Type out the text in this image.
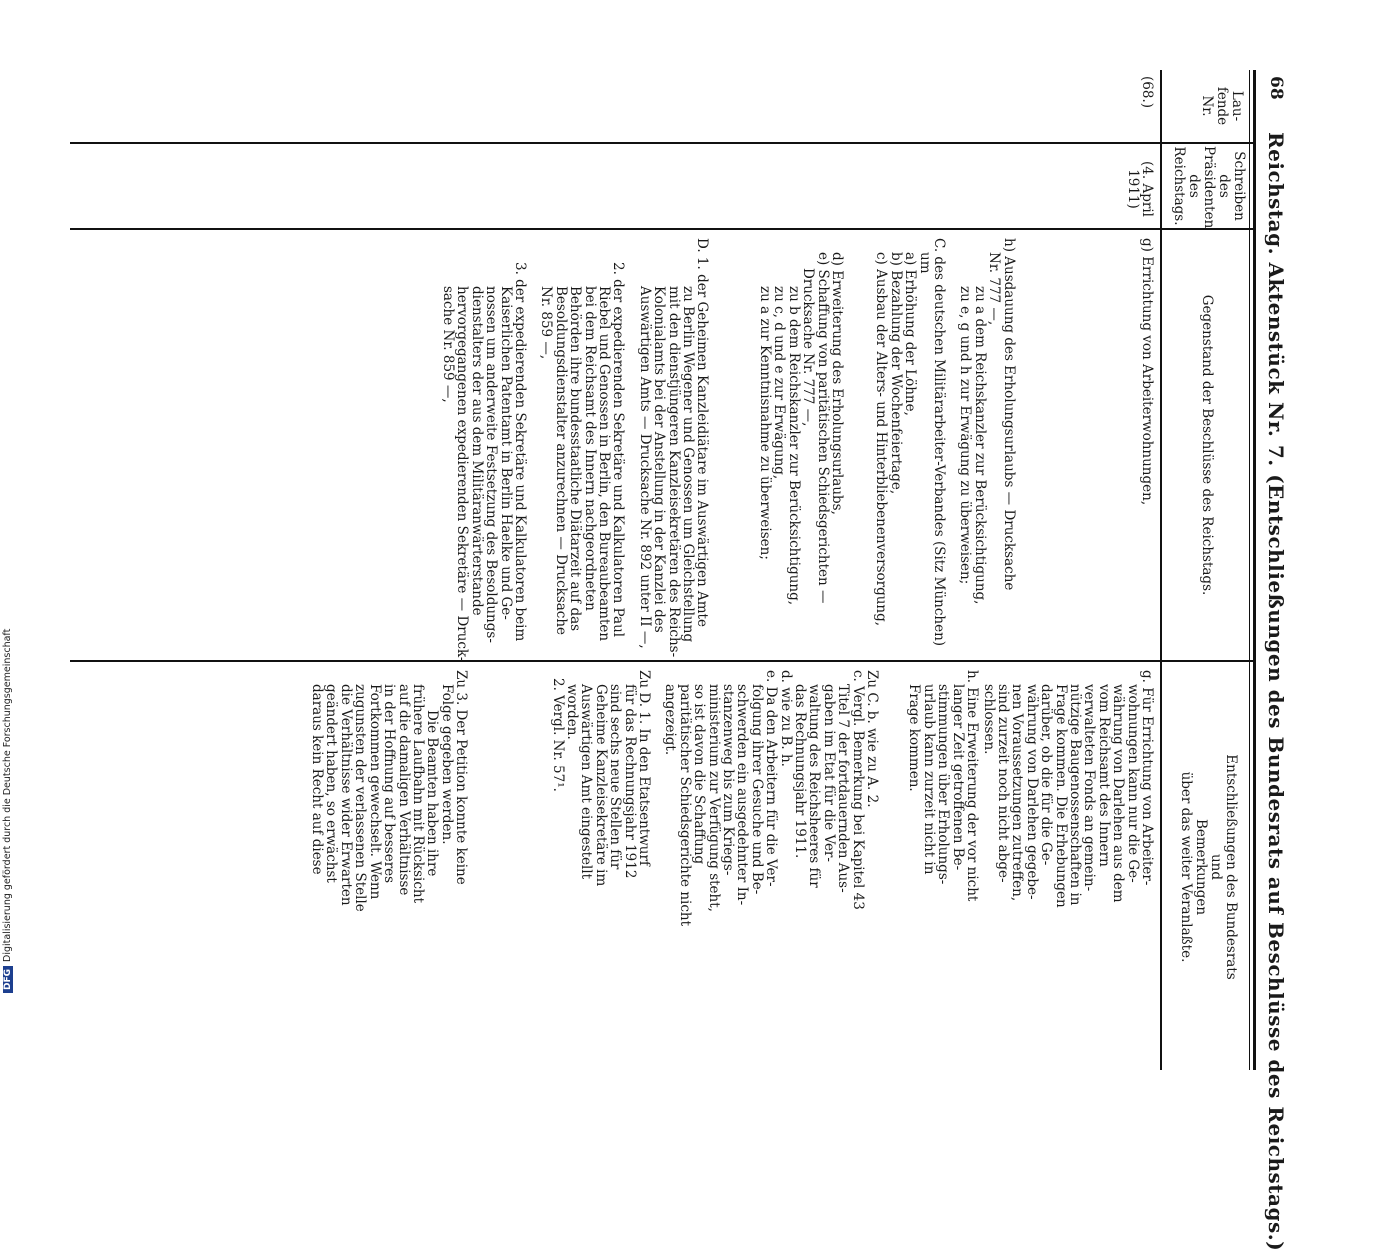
68
Reichstag. Aktenstück Nr. 7. (Entschließungen des Bundesrats auf Beschlüsse des Reichstags.)
Lau-
fende
Nr.
Schreiben
des
Präsidenten
des
Reichstags.
Gegenstand der Beschlüsse des Reichstags.
Entschließungen des Bundesrats
und
Bemerkungen
über das weiter Veranlaßte.
(68.)
(4. April
1911)
g) Errichtung von Arbeiterwohnungen,
h) Ausdauung des Erholungsurlaubs — Drucksache
Nr. 777 —,
zu a dem Reichskanzler zur Berücksichtigung,
zu e, g und h zur Erwägung zu überweisen;
C. des deutschen Militärarbeiter-Verbandes (Sitz München)
um
a) Erhöhung der Löhne,
b) Bezahlung der Wochenfeiertage,
c) Ausbau der Alters- und Hinterbliebenenversorgung,
d) Erweiterung des Erholungsurlaubs,
e) Schaffung von paritätischen Schiedsgerichten —
Drucksache Nr. 777 —,
zu b dem Reichskanzler zur Berücksichtigung,
zu c, d und e zur Erwägung,
zu a zur Kenntnisnahme zu überweisen;
D. 1. der Geheimen Kanzleidiätare im Auswärtigen Amte
zu Berlin Wegener und Genossen um Gleichstellung
mit den dienstjüngeren Kanzleisekretären des Reichs-
Kolonialamts bei der Anstellung in der Kanzlei des
Auswärtigen Amts — Drucksache Nr. 892 unter II —,
2. der expedierenden Sekretäre und Kalkulatoren Paul
Riebel und Genossen in Berlin, den Bureaubeamten
bei dem Reichsamt des Innern nachgeordneten
Behörden ihre bundesstaatliche Diätarzeit auf das
Besoldungsdienstalter anzurechnen — Drucksache
Nr. 859 —,
3. der expedierenden Sekretäre und Kalkulatoren beim
Kaiserlichen Patentamt in Berlin Haelke und Ge-
nossen um anderweite Festsetzung des Besoldungs-
dienstalters der aus dem Militäranwärterstande
hervorgegangenen expedierenden Sekretäre — Druck-
sache Nr. 859 —,
g. Für Errichtung von Arbeiter-
wohnungen kann nur die Ge-
währung von Darlehen aus dem
vom Reichsamt des Innern
verwalteten Fonds an gemein-
nützige Baugenossenschaften in
Frage kommen. Die Erhebungen
darüber, ob die für die Ge-
währung von Darlehen gegebe-
nen Voraussetzungen zutreffen,
sind zurzeit noch nicht abge-
schlossen.
h. Eine Erweiterung der vor nicht
langer Zeit getroffenen Be-
stimmungen über Erholungs-
urlaub kann zurzeit nicht in
Frage kommen.
Zu C. b. wie zu A. 2.
c. Vergl. Bemerkung bei Kapitel 43
Titel 7 der fortdauernden Aus-
gaben im Etat für die Ver-
waltung des Reichsheeres für
das Rechnungsjahr 1911.
d. wie zu B. h.
e. Da den Arbeitern für die Ver-
folgung ihrer Gesuche und Be-
schwerden ein ausgedehnter In-
stanzenweg bis zum Kriegs-
ministerium zur Verfügung steht,
so ist davon die Schaffung
paritätischer Schiedsgerichte nicht
angezeigt.
Zu D. 1. In den Etatsentwurf
für das Rechnungsjahr 1912
sind sechs neue Stellen für
Geheime Kanzleisekretäre im
Auswärtigen Amt eingestellt
worden.
2. Vergl. Nr. 57¹.
Zu 3. Der Petition konnte keine
Folge gegeben werden.
Die Beamten haben ihre
frühere Laufbahn mit Rücksicht
auf die damaligen Verhältnisse
in der Hoffnung auf besseres
Fortkommen gewechselt. Wenn
zugunsten der verlassenen Stelle
die Verhältnisse wider Erwarten
geändert haben, so erwächst
daraus kein Recht auf diese
DFGDigitalisierung gefördert durch die Deutsche Forschungsgemeinschaft
